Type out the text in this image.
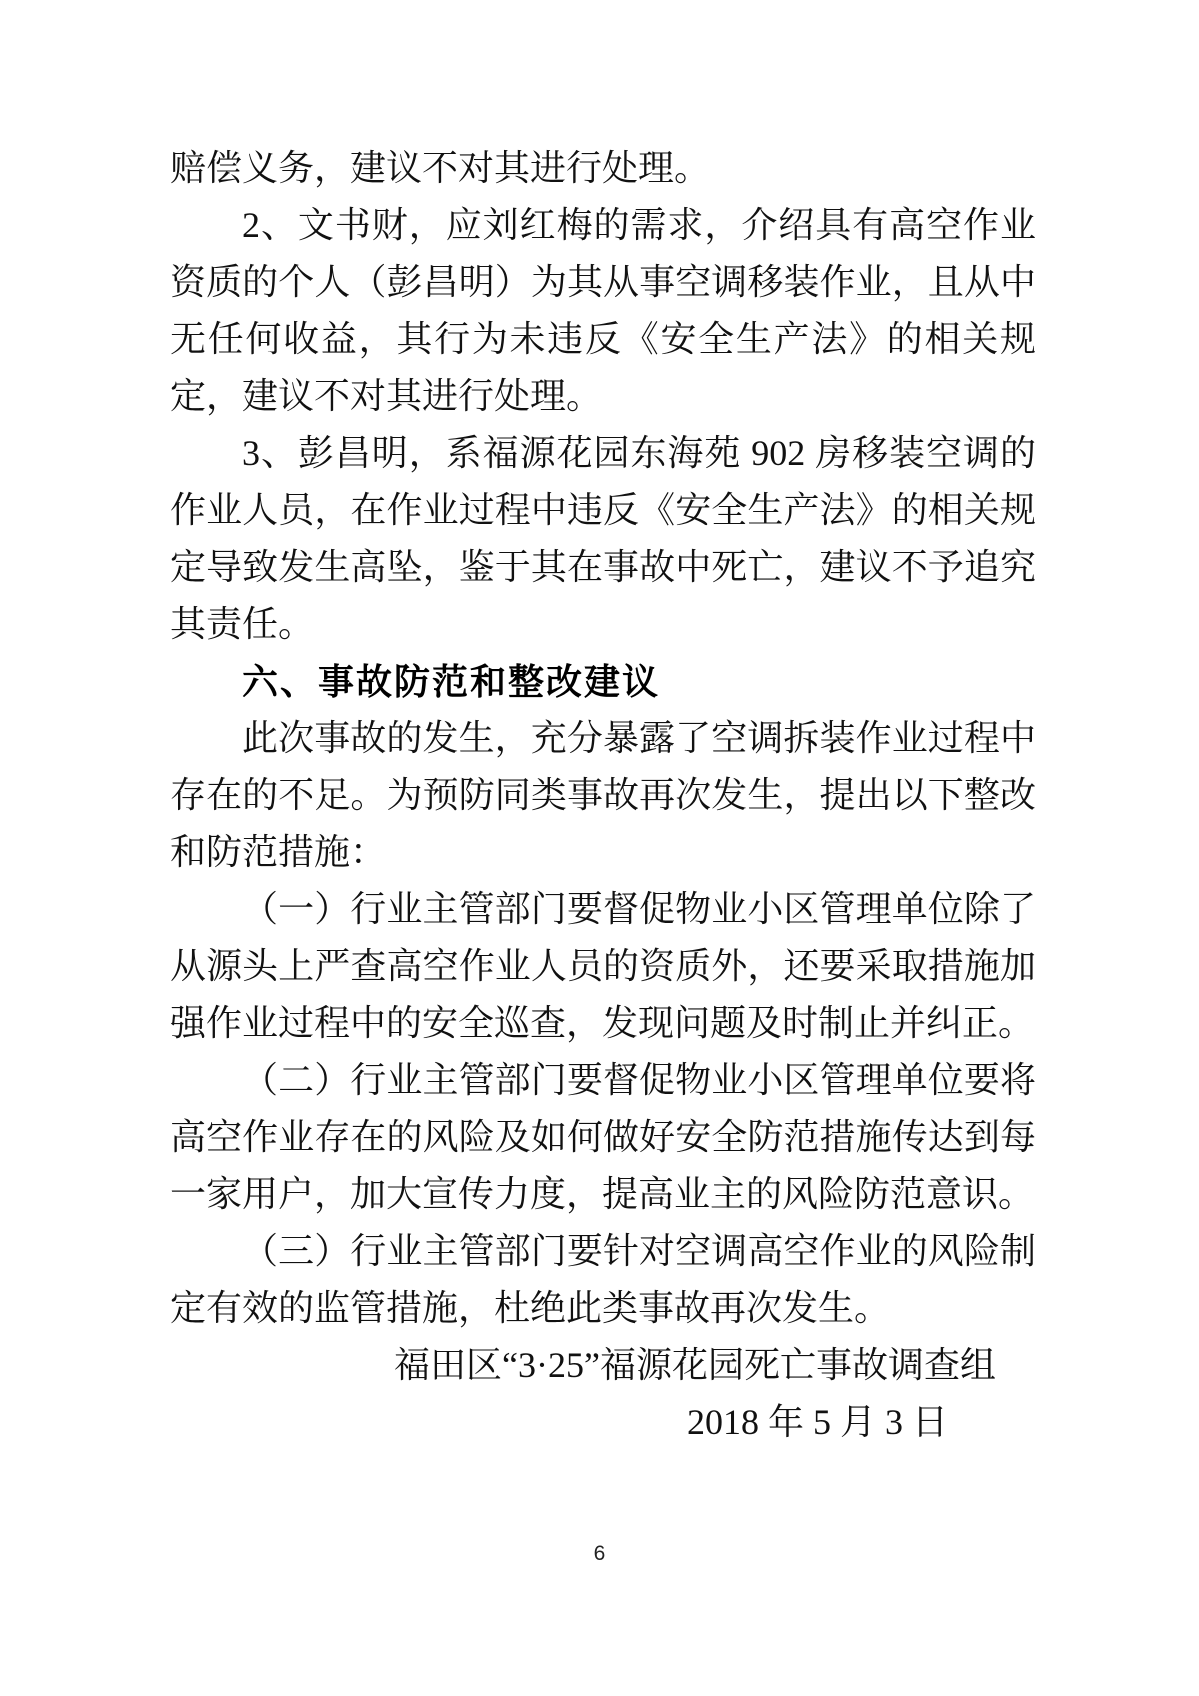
赔偿义务，建议不对其进行处理。

2、文书财，应刘红梅的需求，介绍具有高空作业资质的个人（彭昌明）为其从事空调移装作业，且从中无任何收益，其行为未违反《安全生产法》的相关规定，建议不对其进行处理。

3、彭昌明，系福源花园东海苑 902 房移装空调的作业人员，在作业过程中违反《安全生产法》的相关规定导致发生高坠，鉴于其在事故中死亡，建议不予追究其责任。

六、事故防范和整改建议

此次事故的发生，充分暴露了空调拆装作业过程中存在的不足。为预防同类事故再次发生，提出以下整改和防范措施：

（一）行业主管部门要督促物业小区管理单位除了从源头上严查高空作业人员的资质外，还要采取措施加强作业过程中的安全巡查，发现问题及时制止并纠正。

（二）行业主管部门要督促物业小区管理单位要将高空作业存在的风险及如何做好安全防范措施传达到每一家用户，加大宣传力度，提高业主的风险防范意识。

（三）行业主管部门要针对空调高空作业的风险制定有效的监管措施，杜绝此类事故再次发生。

福田区“3·25”福源花园死亡事故调查组

2018 年 5 月 3 日

6
